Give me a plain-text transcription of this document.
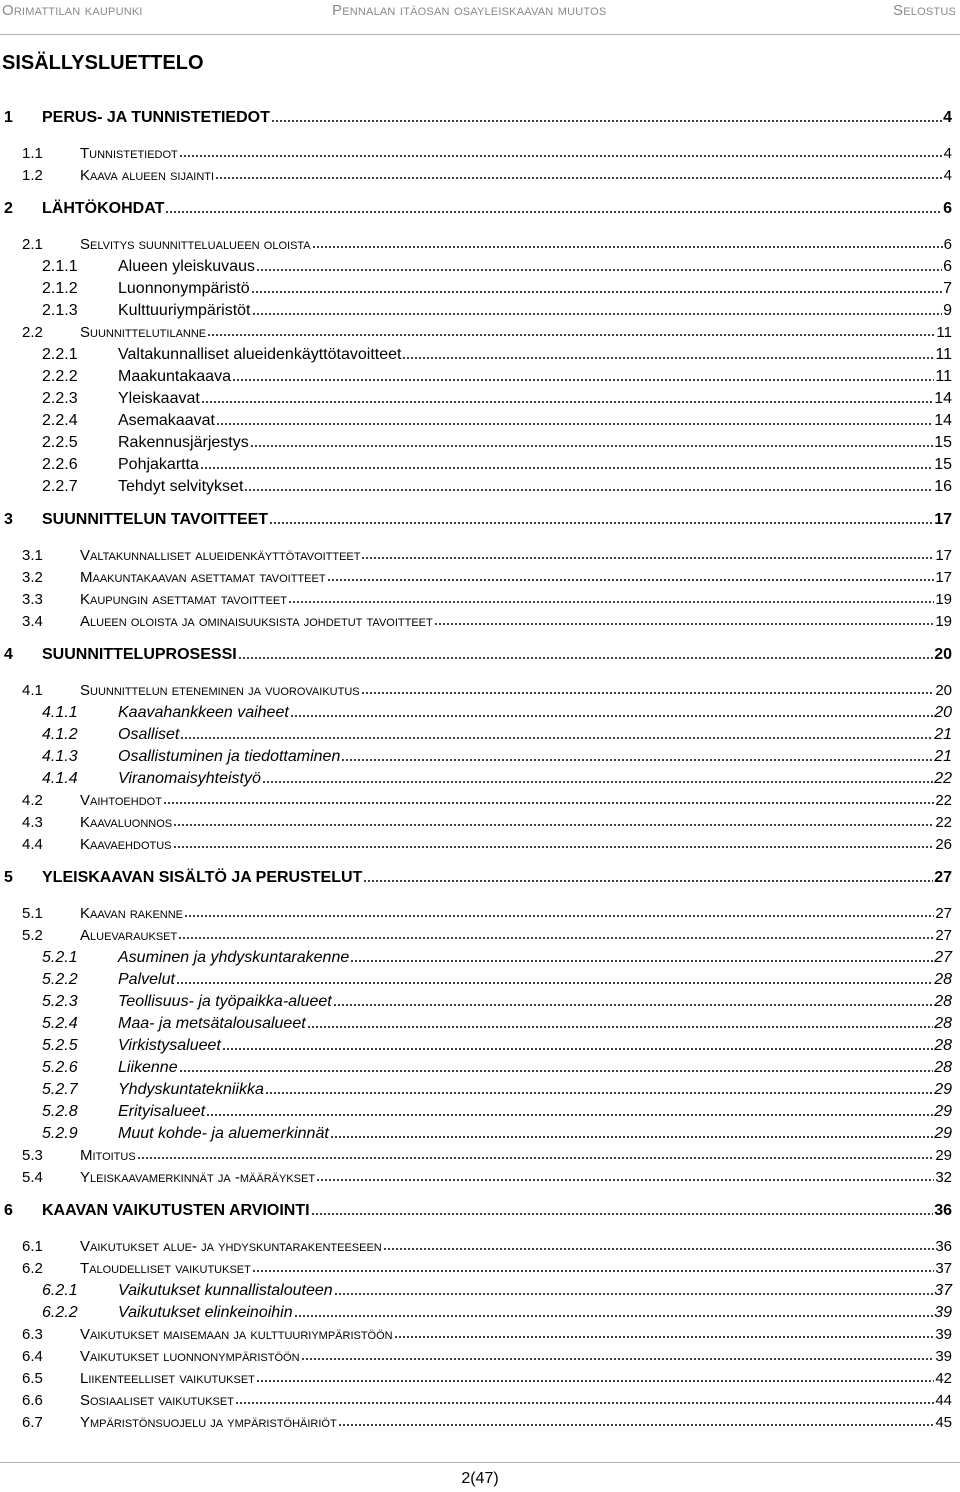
Orimattilan kaupunki	Pennalan itäosan osayleiskaavan muutos	Selostus
SISÄLLYSLUETTELO
1 PERUS- JA TUNNISTETIEDOT	4
1.1 Tunnistetiedot	4
1.2 Kaava alueen sijainti	4
2 LÄHTÖKOHDAT	6
2.1 Selvitys suunnittelualueen oloista	6
2.1.1	Alueen yleiskuvaus	6
2.1.2	Luonnonympäristö	7
2.1.3	Kulttuuriympäristöt	9
2.2 Suunnittelutilanne	11
2.2.1	Valtakunnalliset alueidenkäyttötavoitteet	11
2.2.2	Maakuntakaava	11
2.2.3	Yleiskaavat	14
2.2.4	Asemakaavat	14
2.2.5	Rakennusjärjestys	15
2.2.6	Pohjakartta	15
2.2.7	Tehdyt selvitykset	16
3 SUUNNITTELUN TAVOITTEET	17
3.1 Valtakunnalliset alueidenkäyttötavoitteet	17
3.2 Maakuntakaavan asettamat tavoitteet	17
3.3 Kaupungin asettamat tavoitteet	19
3.4 Alueen oloista ja ominaisuuksista johdetut tavoitteet	19
4 SUUNNITTELUPROSESSI	20
4.1 Suunnittelun eteneminen ja vuorovaikutus	20
4.1.1	Kaavahankkeen vaiheet	20
4.1.2	Osalliset	21
4.1.3	Osallistuminen ja tiedottaminen	21
4.1.4	Viranomaisyhteistyö	22
4.2 Vaihtoehdot	22
4.3 Kaavaluonnos	22
4.4 Kaavaehdotus	26
5 YLEISKAAVAN SISÄLTÖ JA PERUSTELUT	27
5.1 Kaavan rakenne	27
5.2 Aluevaraukset	27
5.2.1	Asuminen ja yhdyskuntarakenne	27
5.2.2	Palvelut	28
5.2.3	Teollisuus- ja työpaikka-alueet	28
5.2.4	Maa- ja metsätalousalueet	28
5.2.5	Virkistysalueet	28
5.2.6	Liikenne	28
5.2.7	Yhdyskuntatekniikka	29
5.2.8	Erityisalueet	29
5.2.9	Muut kohde- ja aluemerkinnät	29
5.3 Mitoitus	29
5.4 Yleiskaavamerkinnät ja -määräykset	32
6 KAAVAN VAIKUTUSTEN ARVIOINTI	36
6.1 Vaikutukset alue- ja yhdyskuntarakenteeseen	36
6.2 Taloudelliset vaikutukset	37
6.2.1	Vaikutukset kunnallistalouteen	37
6.2.2	Vaikutukset elinkeinoihin	39
6.3 Vaikutukset maisemaan ja kulttuuriympäristöön	39
6.4 Vaikutukset luonnonympäristöön	39
6.5 Liikenteelliset vaikutukset	42
6.6 Sosiaaliset vaikutukset	44
6.7 Ympäristönsuojelu ja ympäristöhäiriöt	45
2(47)
